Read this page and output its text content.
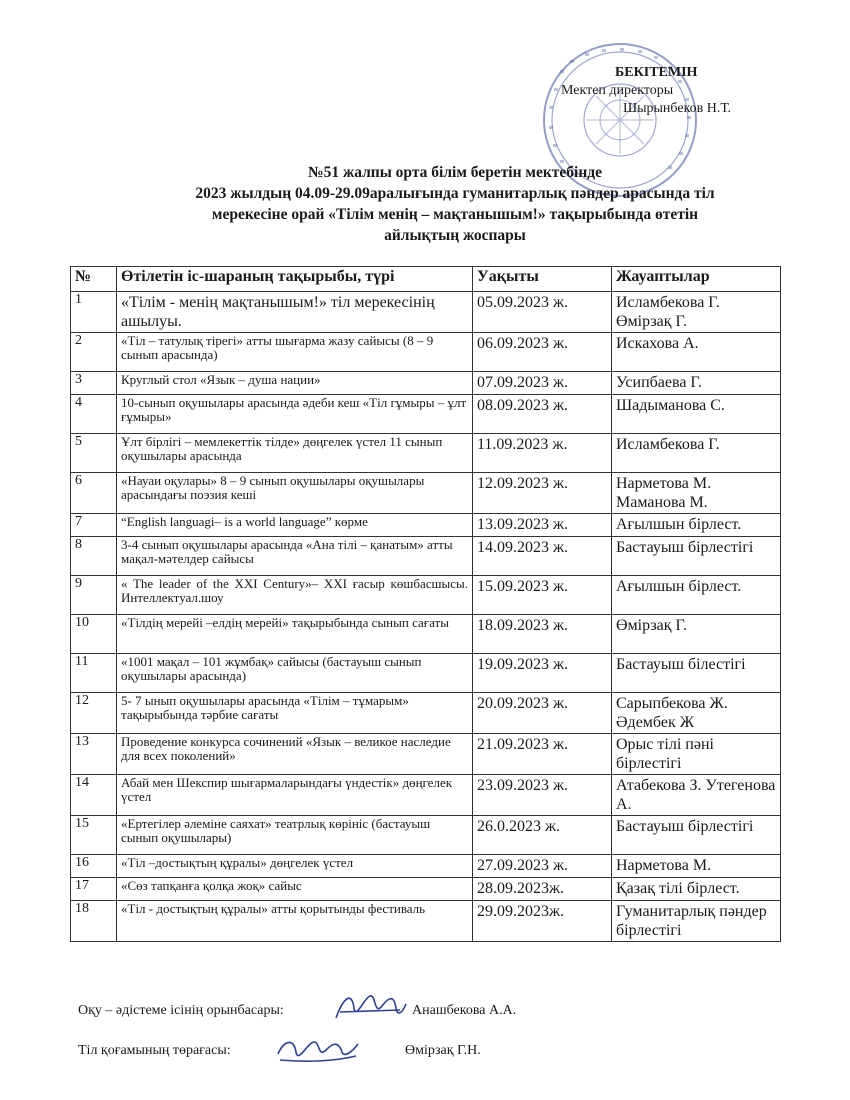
БЕКІТЕМІН
Мектеп директоры
Шырынбеков Н.Т.
№51 жалпы орта білім беретін мектебінде
2023 жылдың 04.09-29.09аралығында гуманитарлық пәндер арасында тіл
мерекесіне орай «Тілім менің – мақтанышым!» тақырыбында өтетін
айлықтың жоспары
№	Өтілетін іс-шараның тақырыбы, түрі	Уақыты	Жауаптылар
1	«Тілім - менің мақтанышым!» тіл мерекесінің ашылуы.	05.09.2023 ж.	Исламбекова Г. Өмірзақ Г.
2	«Тіл – татулық тірегі» атты шығарма жазу сайысы (8 – 9 сынып арасында)	06.09.2023 ж.	Искахова А.
3	Круглый стол «Язык – душа нации»	07.09.2023 ж.	Усипбаева Г.
4	10-сынып оқушылары арасында әдеби кеш «Тіл гұмыры – ұлт ғұмыры»	08.09.2023 ж.	Шадыманова С.
5	Ұлт бірлігі – мемлекеттік тілде» дөңгелек үстел 11 сынып оқушылары арасында	11.09.2023 ж.	Исламбекова Г.
6	«Науаи оқулары» 8 – 9 сынып оқушылары оқушылары арасындағы поэзия кеші	12.09.2023 ж.	Нарметова М. Маманова М.
7	“English languagi– is a world language” көрме	13.09.2023 ж.	Ағылшын бірлест.
8	3-4 сынып оқушылары арасында «Ана тілі – қанатым» атты мақал-мәтелдер сайысы	14.09.2023 ж.	Бастауыш бірлестігі
9	« The leader of the XXI Century»– XXI ғасыр көшбасшысы. Интеллектуал.шоу	15.09.2023 ж.	Ағылшын бірлест.
10	«Тілдің мерейі –елдің мерейі» тақырыбында сынып сағаты	18.09.2023 ж.	Өмірзақ Г.
11	«1001 мақал – 101 жұмбақ» сайысы (бастауыш сынып оқушылары арасында)	19.09.2023 ж.	Бастауыш білестігі
12	5- 7 ынып оқушылары арасында «Тілім – тұмарым» тақырыбында тәрбие сағаты	20.09.2023 ж.	Сарыпбекова Ж. Әдембек Ж
13	Проведение конкурса сочинений «Язык – великое наследие для всех поколений»	21.09.2023 ж.	Орыс тілі пәні бірлестігі
14	Абай мен Шекспир шығармаларындағы үндестік» дөңгелек үстел	23.09.2023 ж.	Атабекова З. Утегенова А.
15	«Ертегілер әлеміне саяхат» театрлық көрініс (бастауыш сынып оқушылары)	26.0.2023 ж.	Бастауыш бірлестігі
16	«Тіл –достықтың құралы» дөңгелек үстел	27.09.2023 ж.	Нарметова М.
17	«Сөз тапқанға қолқа жоқ» сайыс	28.09.2023ж.	Қазақ тілі бірлест.
18	«Тіл - достықтың құралы» атты қорытынды фестиваль	29.09.2023ж.	Гуманитарлық пәндер бірлестігі
Оқу – әдістеме ісінің орынбасары:	Анашбекова А.А.
Тіл қоғамының төрағасы:	Өмірзақ Г.Н.
